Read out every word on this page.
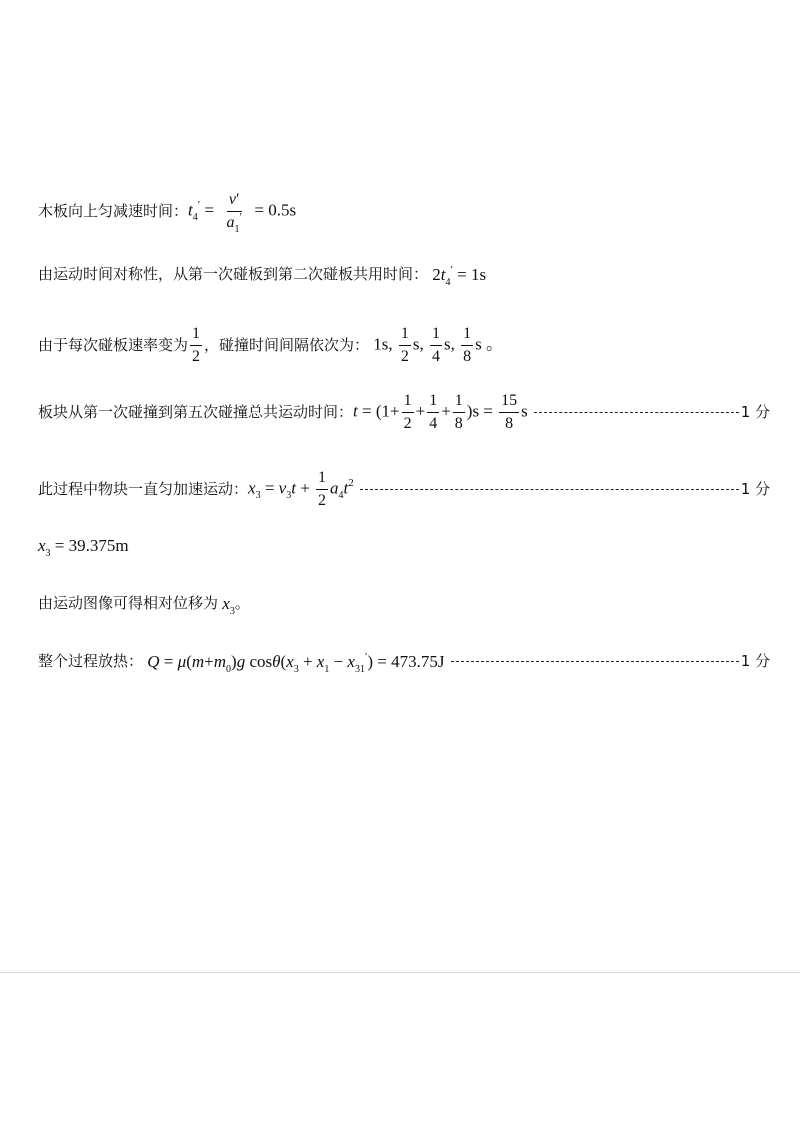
木板向上匀减速时间： $t_4' = \frac{v'}{a_1'} = 0.5s$
由运动时间对称性，从第一次碰板到第二次碰板共用时间： $2t_4' = 1s$
由于每次碰板速率变为 $\frac{1}{2}$ ，碰撞时间间隔依次为： 1s, $\frac{1}{2} s$, $\frac{1}{4} s$, $\frac{1}{8}$ s 。
板块从第一次碰撞到第五次碰撞总共运动时间： $t = (1+ \frac{1}{2} + \frac{1}{4} + \frac{1}{8} )s = \frac{15}{8}$ s	1 分
此过程中物块一直匀加速运动： $x_3 = v_3t + \frac{1}{2} a_4t^2$	1 分
$x_3 = 39.375m$
由运动图像可得相对位移为 $x_3$ 。
整个过程放热： $Q = \mu(m+m_0)g$ $\cos\theta(x_3 + x_1 - x_{31}') = 473.75J$	1 分
